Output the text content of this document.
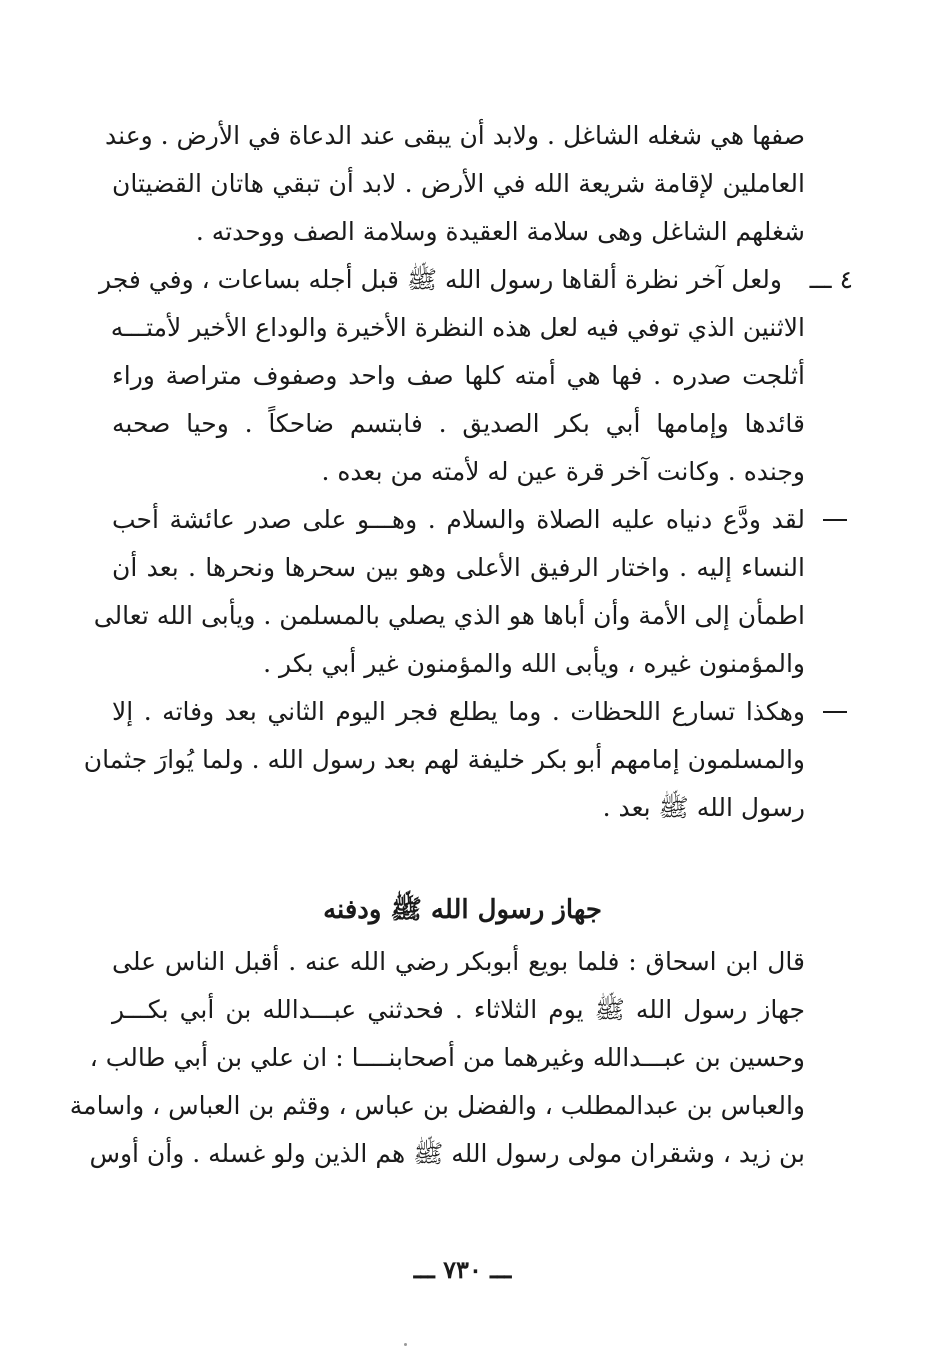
صفها هي شغله الشاغل . ولابد أن يبقى عند الدعاة في الأرض . وعند
العاملين لإقامة شريعة الله في الأرض . لابد أن تبقي هاتان القضيتان
شغلهم الشاغل وهى سلامة العقيدة وسلامة الصف ووحدته .
٤ ـــ
ولعل آخر نظرة ألقاها رسول الله ﷺ قبل أجله بساعات ، وفي فجر
الاثنين الذي توفي فيه لعل هذه النظرة الأخيرة والوداع الأخير لأمتـــه
أثلجت صدره . فها هي أمته كلها صف واحد وصفوف متراصة وراء
قائدها وإمامها أبي بكر الصديق . فابتسم ضاحكاً . وحيا صحبه
وجنده . وكانت آخر قرة عين له لأمته من بعده .
لقد ودَّع دنياه عليه الصلاة والسلام . وهـــو على صدر عائشة أحب
النساء إليه . واختار الرفيق الأعلى وهو بين سحرها ونحرها . بعد أن
اطمأن إلى الأمة وأن أباها هو الذي يصلي بالمسلمن . ويأبى الله تعالى
والمؤمنون غيره ، ويأبى الله والمؤمنون غير أبي بكر .
وهكذا تسارع اللحظات . وما يطلع فجر اليوم الثاني بعد وفاته . إلا
والمسلمون إمامهم أبو بكر خليفة لهم بعد رسول الله . ولما يُوارَ جثمان
رسول الله ﷺ بعد .
جهاز رسول الله ﷺ ودفنه
قال ابن اسحاق : فلما بويع أبوبكر رضي الله عنه . أقبل الناس على
جهاز رسول الله ﷺ يوم الثلاثاء . فحدثني عبـــدالله بن أبي بكـــر
وحسين بن عبـــدالله وغيرهما من أصحابنــــا : ان علي بن أبي طالب ،
والعباس بن عبدالمطلب ، والفضل بن عباس ، وقثم بن العباس ، واسامة
بن زيد ، وشقران مولى رسول الله ﷺ هم الذين ولو غسله . وأن أوس
ـــ ٧٣٠ ـــ
